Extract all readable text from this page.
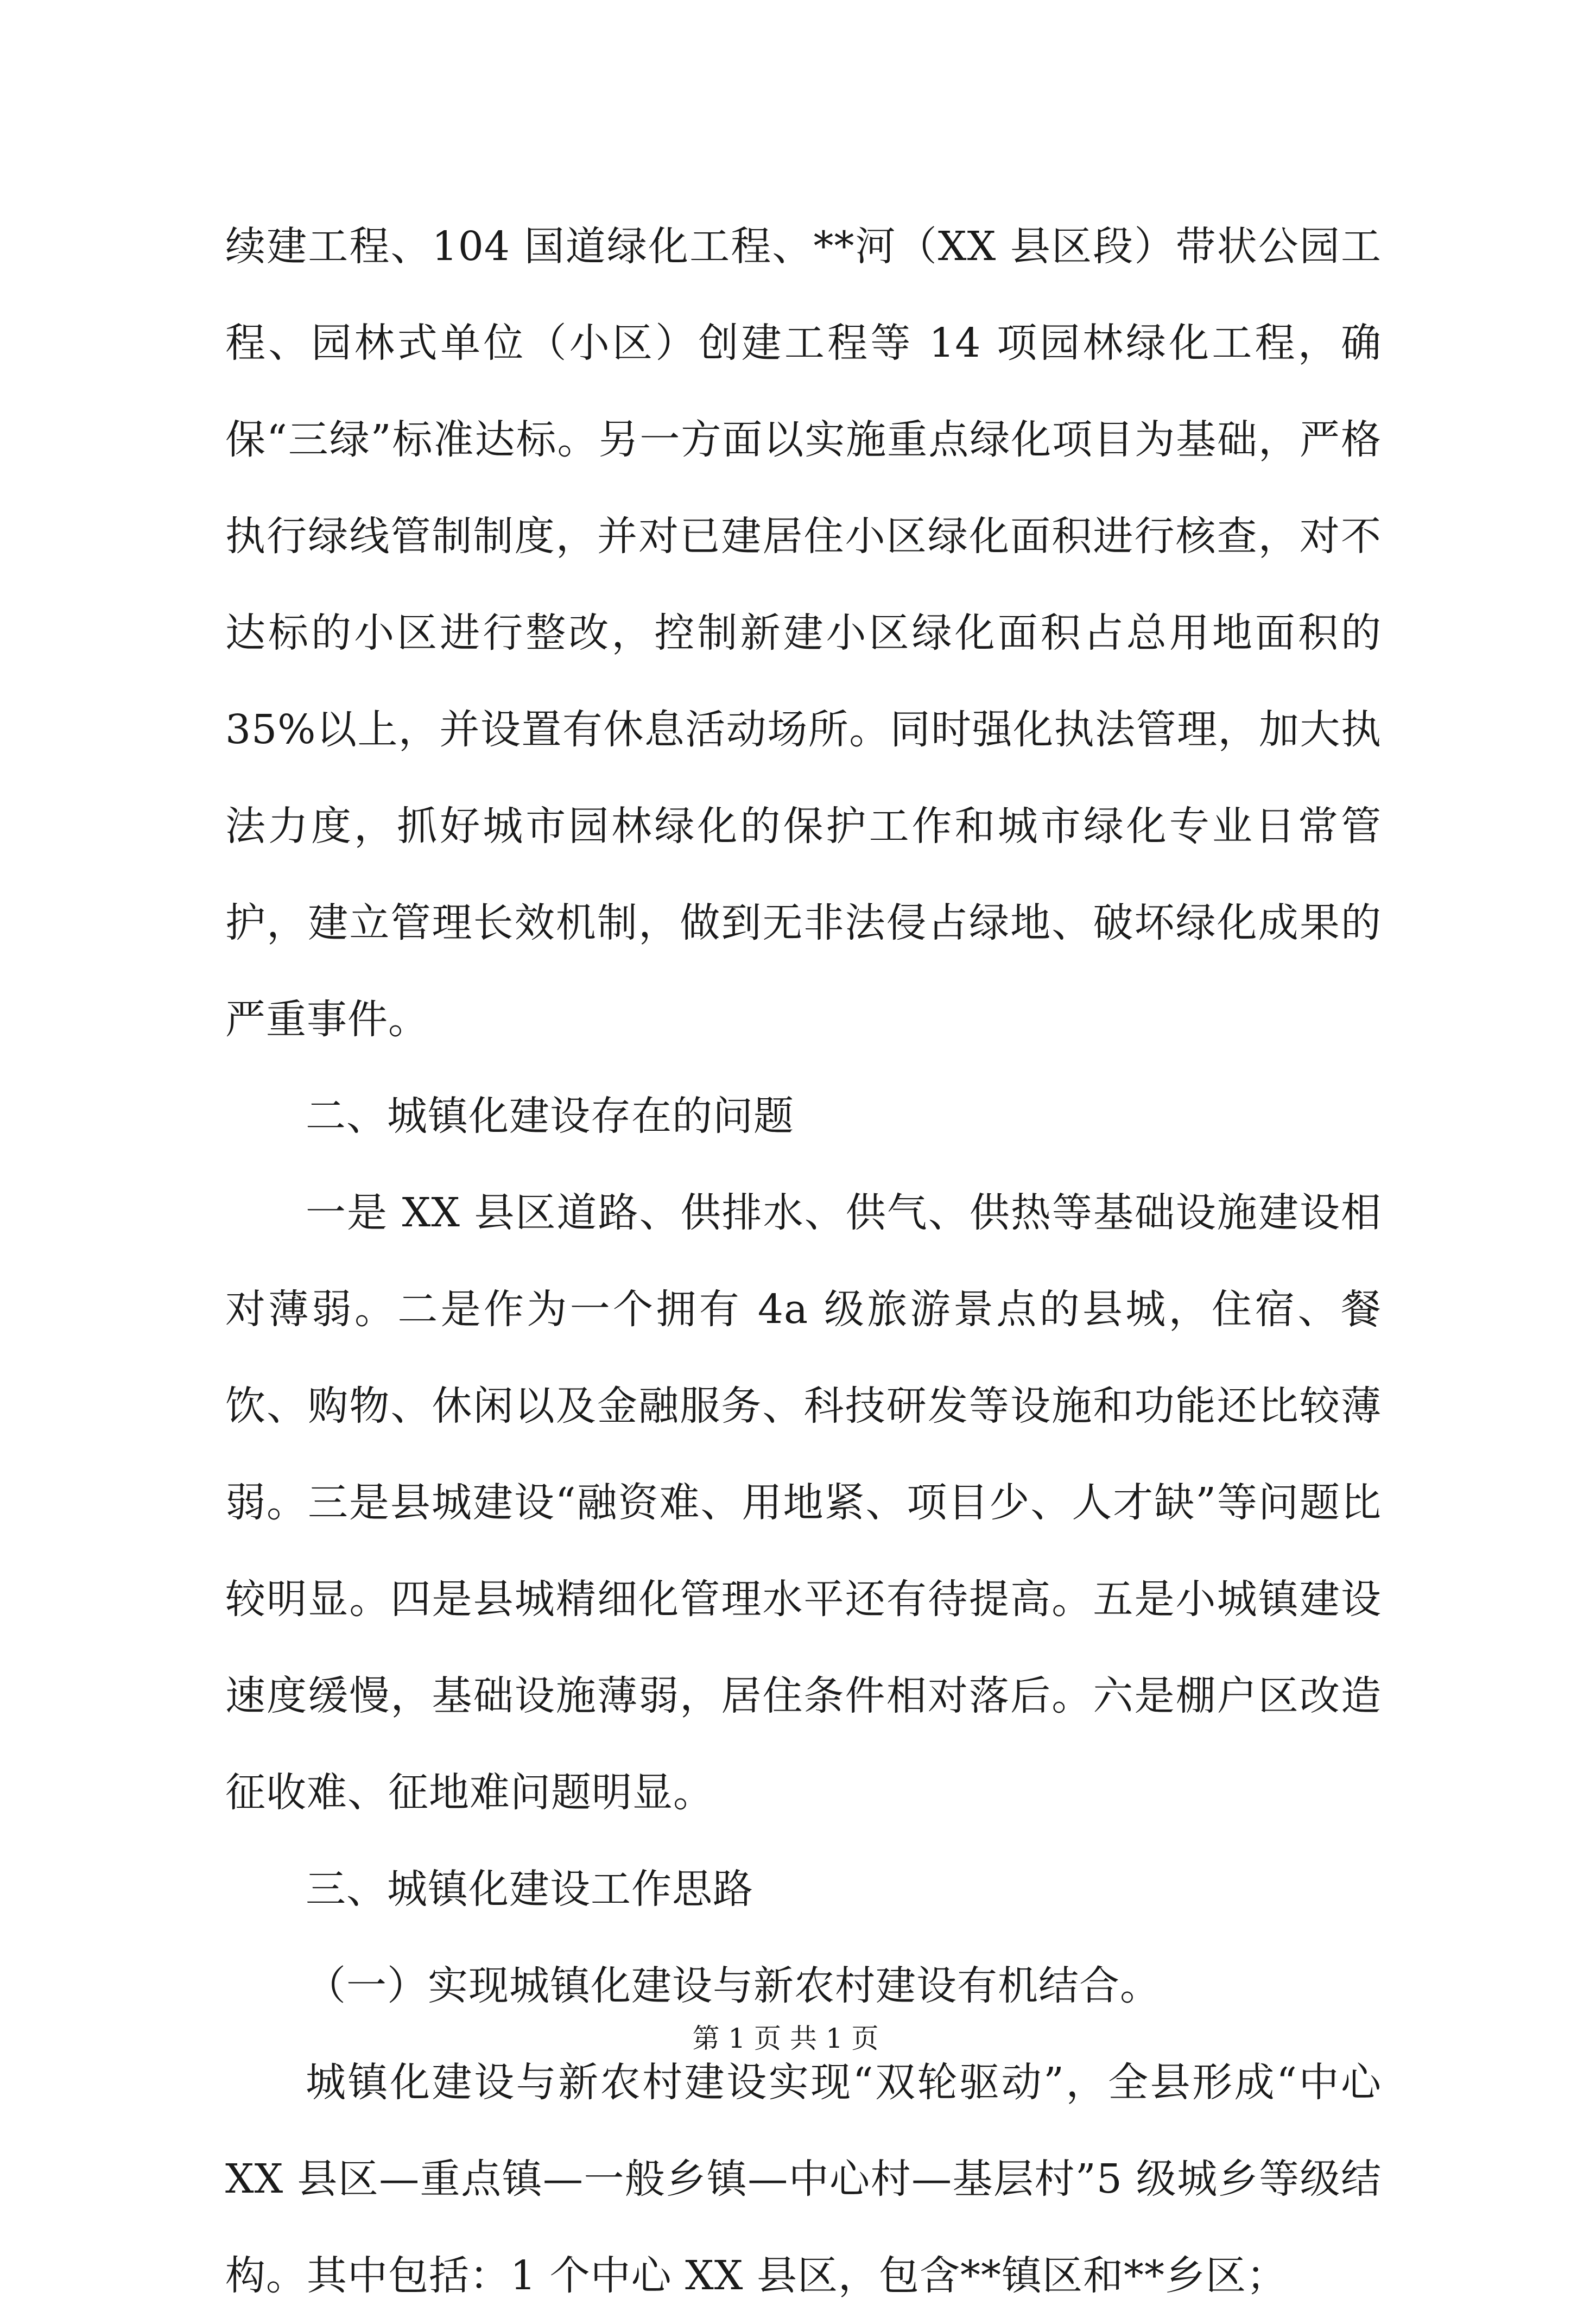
续建工程、104 国道绿化工程、**河（XX 县区段）带状公园工程、园林式单位（小区）创建工程等 14 项园林绿化工程，确保“三绿”标准达标。另一方面以实施重点绿化项目为基础，严格执行绿线管制制度，并对已建居住小区绿化面积进行核查，对不达标的小区进行整改，控制新建小区绿化面积占总用地面积的 35%以上，并设置有休息活动场所。同时强化执法管理，加大执法力度，抓好城市园林绿化的保护工作和城市绿化专业日常管护，建立管理长效机制，做到无非法侵占绿地、破坏绿化成果的严重事件。

二、城镇化建设存在的问题

一是 XX 县区道路、供排水、供气、供热等基础设施建设相对薄弱。二是作为一个拥有 4a 级旅游景点的县城，住宿、餐饮、购物、休闲以及金融服务、科技研发等设施和功能还比较薄弱。三是县城建设“融资难、用地紧、项目少、人才缺”等问题比较明显。四是县城精细化管理水平还有待提高。五是小城镇建设速度缓慢，基础设施薄弱，居住条件相对落后。六是棚户区改造征收难、征地难问题明显。

三、城镇化建设工作思路

（一）实现城镇化建设与新农村建设有机结合。

城镇化建设与新农村建设实现“双轮驱动”，全县形成“中心 XX 县区—重点镇—一般乡镇—中心村—基层村”5 级城乡等级结构。其中包括：1 个中心 XX 县区，包含**镇区和**乡区；

第 1 页 共 1 页
